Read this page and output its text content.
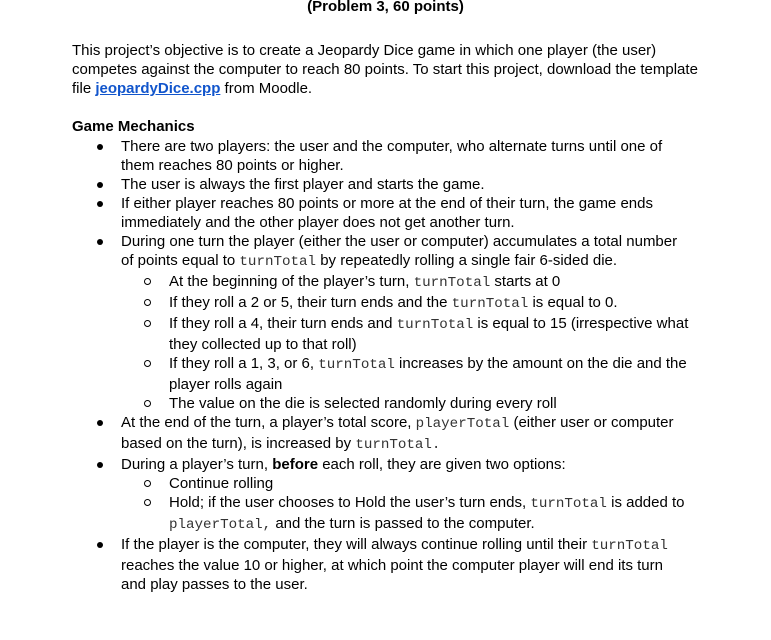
(Problem 3, 60 points)
This project’s objective is to create a Jeopardy Dice game in which one player (the user) competes against the computer to reach 80 points. To start this project, download the template file jeopardyDice.cpp from Moodle.
Game Mechanics
There are two players: the user and the computer, who alternate turns until one of them reaches 80 points or higher.
The user is always the first player and starts the game.
If either player reaches 80 points or more at the end of their turn, the game ends immediately and the other player does not get another turn.
During one turn the player (either the user or computer) accumulates a total number of points equal to turnTotal by repeatedly rolling a single fair 6-sided die.
At the beginning of the player’s turn, turnTotal starts at 0
If they roll a 2 or 5, their turn ends and the turnTotal is equal to 0.
If they roll a 4, their turn ends and turnTotal is equal to 15 (irrespective what they collected up to that roll)
If they roll a 1, 3, or 6, turnTotal increases by the amount on the die and the player rolls again
The value on the die is selected randomly during every roll
At the end of the turn, a player’s total score, playerTotal (either user or computer based on the turn), is increased by turnTotal.
During a player’s turn, before each roll, they are given two options:
Continue rolling
Hold; if the user chooses to Hold the user’s turn ends, turnTotal is added to playerTotal, and the turn is passed to the computer.
If the player is the computer, they will always continue rolling until their turnTotal reaches the value 10 or higher, at which point the computer player will end its turn and play passes to the user.
